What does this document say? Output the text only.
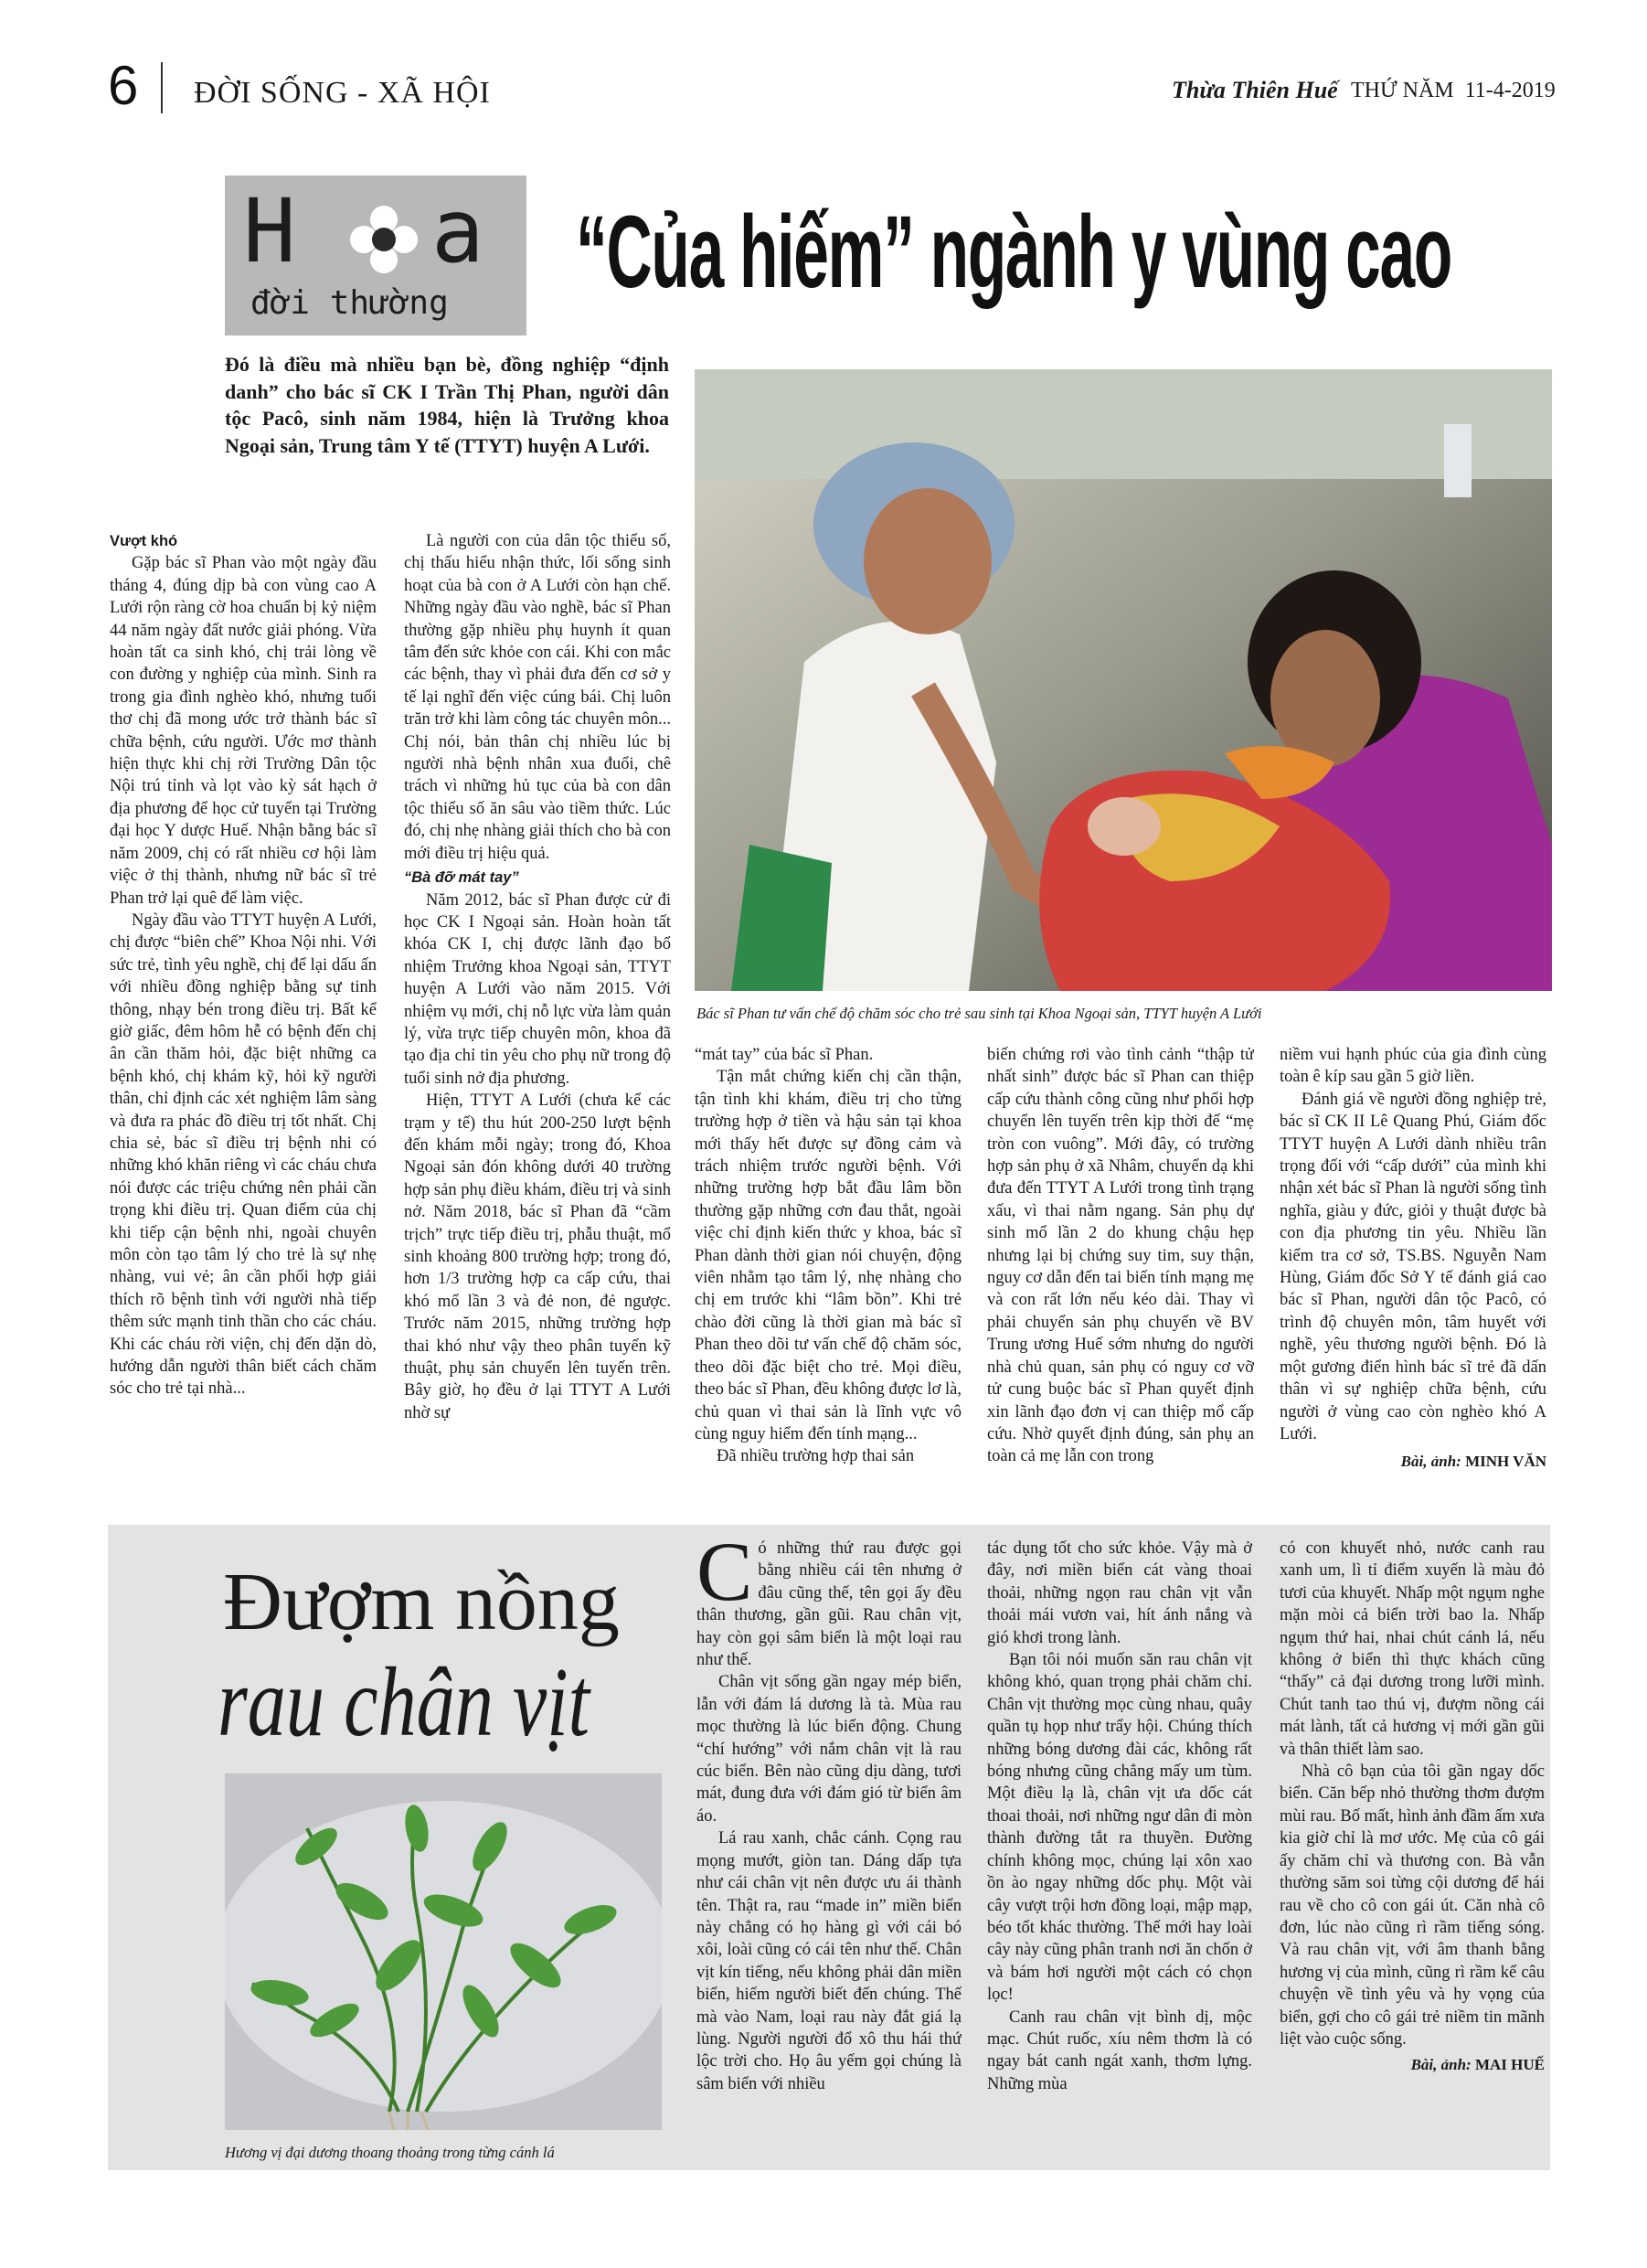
6 ĐỜI SỐNG - XÃ HỘI	Thừa Thiên Huế THỨ NĂM  11-4-2019
H a
đời thường “Của hiếm” ngành y vùng cao
Đó là điều mà nhiều bạn bè, đồng nghiệp “định danh” cho bác sĩ CK I Trần Thị Phan, người dân tộc Pacô, sinh năm 1984, hiện là Trưởng khoa Ngoại sản, Trung tâm Y tế (TTYT) huyện A Lưới.
Bác sĩ Phan tư vấn chế độ chăm sóc cho trẻ sau sinh tại Khoa Ngoại sản, TTYT huyện A Lưới
Vượt khó

Gặp bác sĩ Phan vào một ngày đầu tháng 4, đúng dịp bà con vùng cao A Lưới rộn ràng cờ hoa chuẩn bị kỷ niệm 44 năm ngày đất nước giải phóng. Vừa hoàn tất ca sinh khó, chị trải lòng về con đường y nghiệp của mình. Sinh ra trong gia đình nghèo khó, nhưng tuổi thơ chị đã mong ước trở thành bác sĩ chữa bệnh, cứu người. Ước mơ thành hiện thực khi chị rời Trường Dân tộc Nội trú tỉnh và lọt vào kỳ sát hạch ở địa phương để học cử tuyển tại Trường đại học Y dược Huế. Nhận bằng bác sĩ năm 2009, chị có rất nhiều cơ hội làm việc ở thị thành, nhưng nữ bác sĩ trẻ Phan trở lại quê để làm việc.

Ngày đầu vào TTYT huyện A Lưới, chị được “biên chế” Khoa Nội nhi. Với sức trẻ, tình yêu nghề, chị để lại dấu ấn với nhiều đồng nghiệp bằng sự tinh thông, nhạy bén trong điều trị. Bất kể giờ giấc, đêm hôm hễ có bệnh đến chị ân cần thăm hỏi, đặc biệt những ca bệnh khó, chị khám kỹ, hỏi kỹ người thân, chỉ định các xét nghiệm lâm sàng và đưa ra phác đồ điều trị tốt nhất. Chị chia sẻ, bác sĩ điều trị bệnh nhi có những khó khăn riêng vì các cháu chưa nói được các triệu chứng nên phải cần trọng khi điều trị. Quan điểm của chị khi tiếp cận bệnh nhi, ngoài chuyên môn còn tạo tâm lý cho trẻ là sự nhẹ nhàng, vui vẻ; ân cần phối hợp giải thích rõ bệnh tình với người nhà tiếp thêm sức mạnh tinh thần cho các cháu. Khi các cháu rời viện, chị đến dặn dò, hướng dẫn người thân biết cách chăm sóc cho trẻ tại nhà...

Là người con của dân tộc thiểu số, chị thấu hiểu nhận thức, lối sống sinh hoạt của bà con ở A Lưới còn hạn chế. Những ngày đầu vào nghề, bác sĩ Phan thường gặp nhiều phụ huynh ít quan tâm đến sức khỏe con cái. Khi con mắc các bệnh, thay vì phải đưa đến cơ sở y tế lại nghĩ đến việc cúng bái. Chị luôn trăn trở khi làm công tác chuyên môn... Chị nói, bản thân chị nhiều lúc bị người nhà bệnh nhân xua đuổi, chê trách vì những hủ tục của bà con dân tộc thiểu số ăn sâu vào tiềm thức. Lúc đó, chị nhẹ nhàng giải thích cho bà con mới điều trị hiệu quả.

“Bà đỡ mát tay”

Năm 2012, bác sĩ Phan được cử đi học CK I Ngoại sản. Hoàn hoàn tất khóa CK I, chị được lãnh đạo bổ nhiệm Trưởng khoa Ngoại sản, TTYT huyện A Lưới vào năm 2015. Với nhiệm vụ mới, chị nỗ lực vừa làm quản lý, vừa trực tiếp chuyên môn, khoa đã tạo địa chỉ tin yêu cho phụ nữ trong độ tuổi sinh nở địa phương.

Hiện, TTYT A Lưới (chưa kể các trạm y tế) thu hút 200-250 lượt bệnh đến khám mỗi ngày; trong đó, Khoa Ngoại sản đón không dưới 40 trường hợp sản phụ điều khám, điều trị và sinh nở. Năm 2018, bác sĩ Phan đã “cầm trịch” trực tiếp điều trị, phẫu thuật, mổ sinh khoảng 800 trường hợp; trong đó, hơn 1/3 trường hợp ca cấp cứu, thai khó mổ lần 3 và đẻ non, đẻ ngược. Trước năm 2015, những trường hợp thai khó như vậy theo phân tuyến kỹ thuật, phụ sản chuyển lên tuyến trên. Bây giờ, họ đều ở lại TTYT A Lưới nhờ sự

“mát tay” của bác sĩ Phan.

Tận mắt chứng kiến chị cần thận, tận tình khi khám, điều trị cho từng trường hợp ở tiền và hậu sản tại khoa mới thấy hết được sự đồng cảm và trách nhiệm trước người bệnh. Với những trường hợp bắt đầu lâm bồn thường gặp những cơn đau thắt, ngoài việc chỉ định kiến thức y khoa, bác sĩ Phan dành thời gian nói chuyện, động viên nhằm tạo tâm lý, nhẹ nhàng cho chị em trước khi “lâm bồn”. Khi trẻ chào đời cũng là thời gian mà bác sĩ Phan theo dõi tư vấn chế độ chăm sóc, theo dõi đặc biệt cho trẻ. Mọi điều, theo bác sĩ Phan, đều không được lơ là, chủ quan vì thai sản là lĩnh vực vô cùng nguy hiểm đến tính mạng...

Đã nhiều trường hợp thai sản

biến chứng rơi vào tình cảnh “thập tử nhất sinh” được bác sĩ Phan can thiệp cấp cứu thành công cũng như phối hợp chuyển lên tuyến trên kịp thời để “mẹ tròn con vuông”. Mới đây, có trường hợp sản phụ ở xã Nhâm, chuyển dạ khi đưa đến TTYT A Lưới trong tình trạng xấu, vì thai nằm ngang. Sản phụ dự sinh mổ lần 2 do khung chậu hẹp nhưng lại bị chứng suy tim, suy thận, nguy cơ dẫn đến tai biến tính mạng mẹ và con rất lớn nếu kéo dài. Thay vì phải chuyển sản phụ chuyển về BV Trung ương Huế sớm nhưng do người nhà chủ quan, sản phụ có nguy cơ vỡ tử cung buộc bác sĩ Phan quyết định xin lãnh đạo đơn vị can thiệp mổ cấp cứu. Nhờ quyết định đúng, sản phụ an toàn cả mẹ lẫn con trong

niềm vui hạnh phúc của gia đình cùng toàn ê kíp sau gần 5 giờ liền.

Đánh giá về người đồng nghiệp trẻ, bác sĩ CK II Lê Quang Phú, Giám đốc TTYT huyện A Lưới dành nhiều trân trọng đối với “cấp dưới” của mình khi nhận xét bác sĩ Phan là người sống tình nghĩa, giàu y đức, giỏi y thuật được bà con địa phương tin yêu. Nhiều lần kiểm tra cơ sở, TS.BS. Nguyễn Nam Hùng, Giám đốc Sở Y tế đánh giá cao bác sĩ Phan, người dân tộc Pacô, có trình độ chuyên môn, tâm huyết với nghề, yêu thương người bệnh. Đó là một gương điển hình bác sĩ trẻ đã dấn thân vì sự nghiệp chữa bệnh, cứu người ở vùng cao còn nghèo khó A Lưới.

Bài, ảnh: MINH VĂN
Đượm nồng
rau chân vịt
Hương vị đại dương thoang thoảng trong từng cánh lá
C ó những thứ rau được gọi bằng nhiều cái tên nhưng ở đâu cũng thế, tên gọi ấy đều thân thương, gần gũi. Rau chân vịt, hay còn gọi sâm biển là một loại rau như thế.

Chân vịt sống gần ngay mép biển, lẫn với đám lá dương là tà. Mùa rau mọc thường là lúc biển động. Chung “chí hướng” với nắm chân vịt là rau cúc biển. Bên nào cũng dịu dàng, tươi mát, đung đưa với đám gió từ biển âm áo.

Lá rau xanh, chắc cánh. Cọng rau mọng mướt, giòn tan. Dáng dấp tựa như cái chân vịt nên được ưu ái thành tên. Thật ra, rau “made in” miền biển này chẳng có họ hàng gì với cái bó xôi, loài cũng có cái tên như thế. Chân vịt kín tiếng, nếu không phải dân miền biển, hiếm người biết đến chúng. Thế mà vào Nam, loại rau này đắt giá lạ lùng. Người người đổ xô thu hái thứ lộc trời cho. Họ âu yếm gọi chúng là sâm biển với nhiều

tác dụng tốt cho sức khỏe. Vậy mà ở đây, nơi miền biển cát vàng thoai thoải, những ngọn rau chân vịt vẫn thoải mái vươn vai, hít ánh nắng và gió khơi trong lành.

Bạn tôi nói muốn săn rau chân vịt không khó, quan trọng phải chăm chỉ. Chân vịt thường mọc cùng nhau, quây quần tụ họp như trẩy hội. Chúng thích những bóng dương đài các, không rất bóng nhưng cũng chẳng mấy um tùm. Một điều lạ là, chân vịt ưa dốc cát thoai thoải, nơi những ngư dân đi mòn thành đường tắt ra thuyền. Đường chính không mọc, chúng lại xôn xao ồn ào ngay những dốc phụ. Một vài cây vượt trội hơn đồng loại, mập mạp, béo tốt khác thường. Thế mới hay loài cây này cũng phân tranh nơi ăn chốn ở và bám hơi người một cách có chọn lọc!

Canh rau chân vịt bình dị, mộc mạc. Chút ruốc, xíu nêm thơm là có ngay bát canh ngát xanh, thơm lựng. Những mùa

có con khuyết nhỏ, nước canh rau xanh um, lì tỉ điểm xuyến là màu đỏ tươi của khuyết. Nhấp một ngụm nghe mặn mòi cả biển trời bao la. Nhấp ngụm thứ hai, nhai chút cánh lá, nếu không ở biển thì thực khách cũng “thấy” cả đại dương trong lưỡi mình. Chút tanh tao thú vị, đượm nồng cái mát lành, tất cả hương vị mới gần gũi và thân thiết làm sao.

Nhà cô bạn của tôi gần ngay dốc biển. Căn bếp nhỏ thường thơm đượm mùi rau. Bố mất, hình ảnh đầm ấm xưa kia giờ chỉ là mơ ước. Mẹ của cô gái ấy chăm chỉ và thương con. Bà vẫn thường săm soi từng cội dương để hái rau về cho cô con gái út. Căn nhà cô đơn, lúc nào cũng rì rầm tiếng sóng. Và rau chân vịt, với âm thanh bằng hương vị của mình, cũng rì rầm kể câu chuyện về tình yêu và hy vọng của biển, gợi cho cô gái trẻ niềm tin mãnh liệt vào cuộc sống.

Bài, ảnh: MAI HUẾ
